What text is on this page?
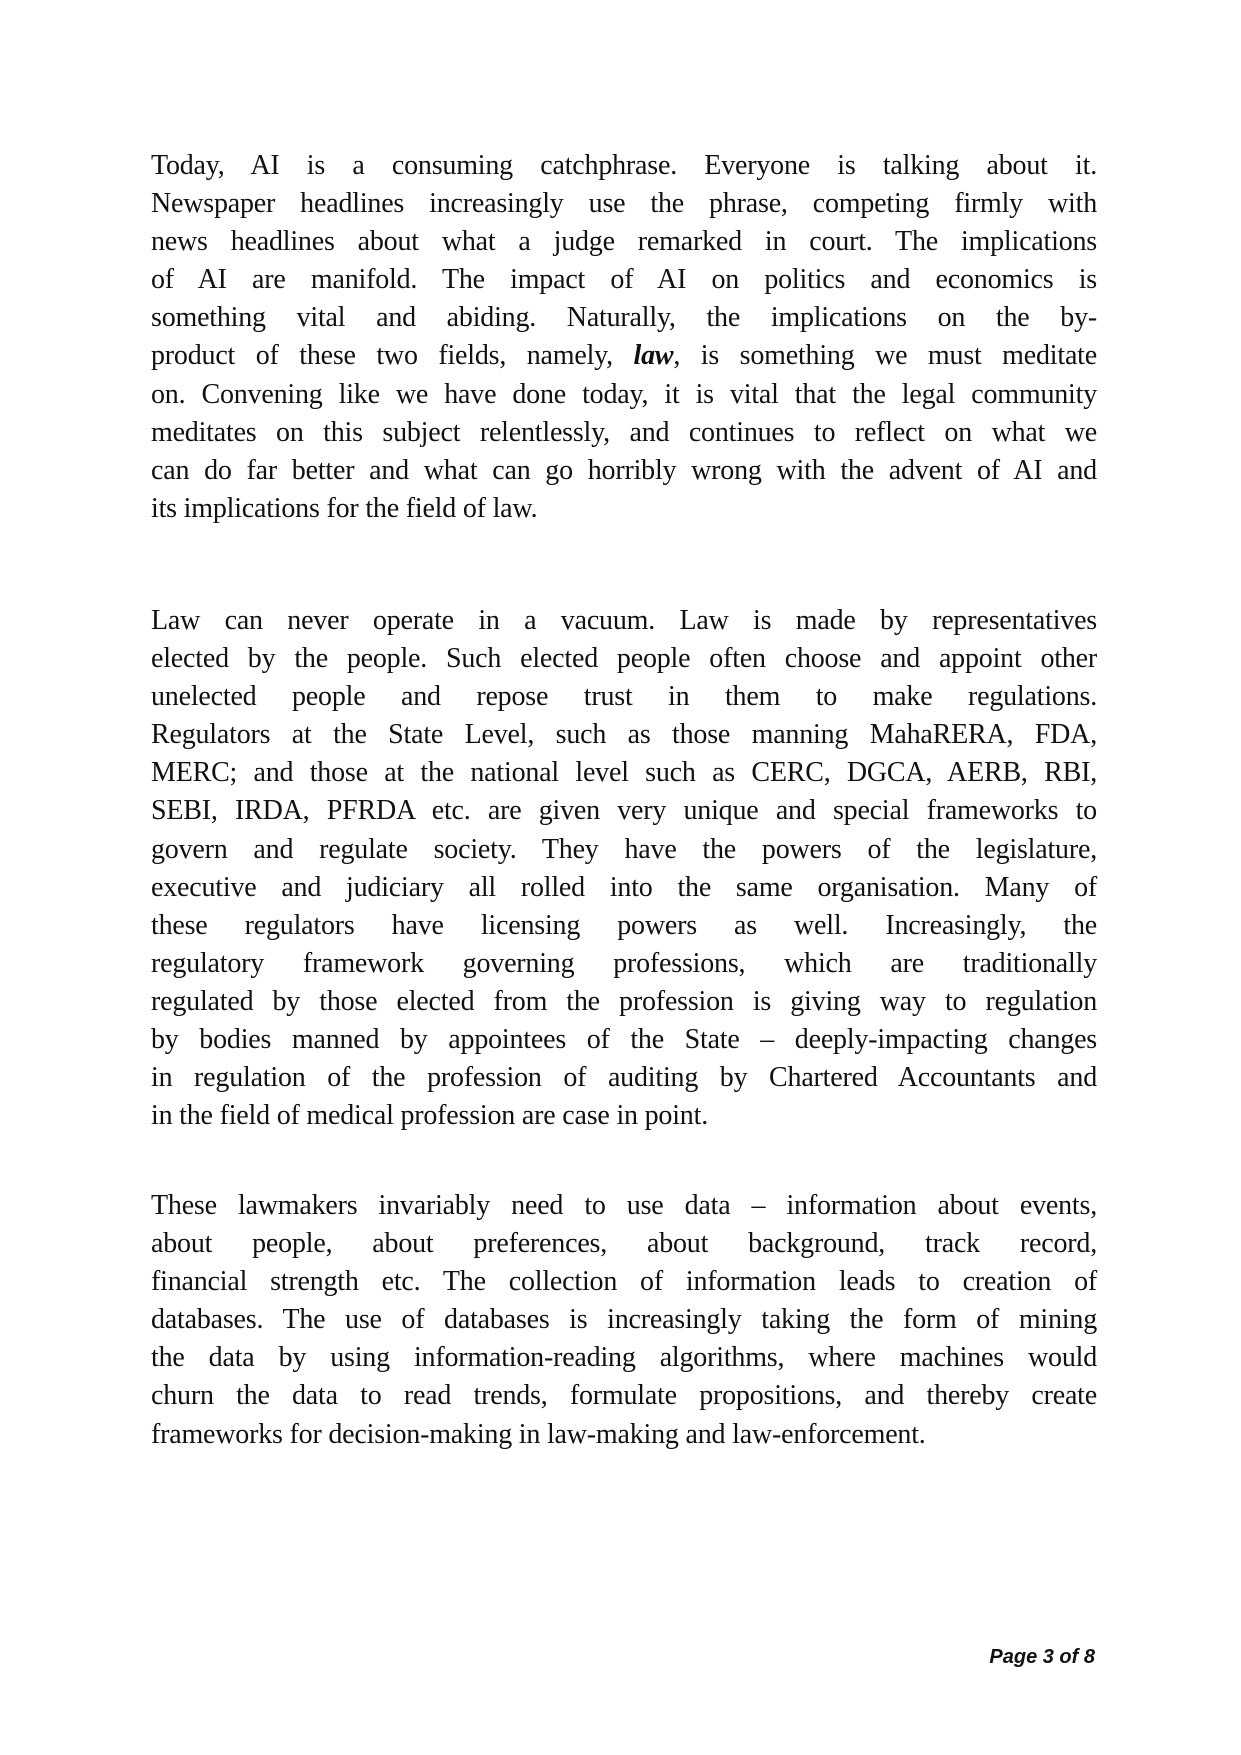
Today, AI is a consuming catchphrase. Everyone is talking about it.
Newspaper headlines increasingly use the phrase, competing firmly with
news headlines about what a judge remarked in court. The implications
of AI are manifold. The impact of AI on politics and economics is
something vital and abiding. Naturally, the implications on the by-
product of these two fields, namely, law, is something we must meditate
on. Convening like we have done today, it is vital that the legal community
meditates on this subject relentlessly, and continues to reflect on what we
can do far better and what can go horribly wrong with the advent of AI and
its implications for the field of law.
Law can never operate in a vacuum. Law is made by representatives
elected by the people. Such elected people often choose and appoint other
unelected people and repose trust in them to make regulations.
Regulators at the State Level, such as those manning MahaRERA, FDA,
MERC; and those at the national level such as CERC, DGCA, AERB, RBI,
SEBI, IRDA, PFRDA etc. are given very unique and special frameworks to
govern and regulate society. They have the powers of the legislature,
executive and judiciary all rolled into the same organisation. Many of
these regulators have licensing powers as well. Increasingly, the
regulatory framework governing professions, which are traditionally
regulated by those elected from the profession is giving way to regulation
by bodies manned by appointees of the State – deeply-impacting changes
in regulation of the profession of auditing by Chartered Accountants and
in the field of medical profession are case in point.
These lawmakers invariably need to use data – information about events,
about people, about preferences, about background, track record,
financial strength etc. The collection of information leads to creation of
databases. The use of databases is increasingly taking the form of mining
the data by using information-reading algorithms, where machines would
churn the data to read trends, formulate propositions, and thereby create
frameworks for decision-making in law-making and law-enforcement.
Page 3 of 8
